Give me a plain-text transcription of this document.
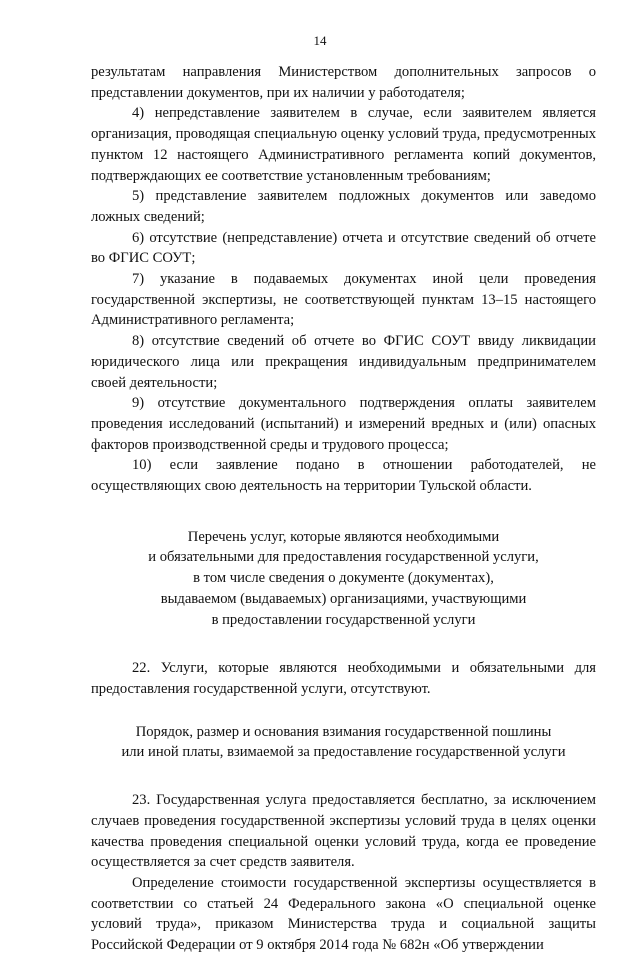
14

результатам направления Министерством дополнительных запросов о представлении документов, при их наличии у работодателя;

4) непредставление заявителем в случае, если заявителем является организация, проводящая специальную оценку условий труда, предусмотренных пунктом 12 настоящего Административного регламента копий документов, подтверждающих ее соответствие установленным требованиям;

5) представление заявителем подложных документов или заведомо ложных сведений;

6) отсутствие (непредставление) отчета и отсутствие сведений об отчете во ФГИС СОУТ;

7) указание в подаваемых документах иной цели проведения государственной экспертизы, не соответствующей пунктам 13–15 настоящего Административного регламента;

8) отсутствие сведений об отчете во ФГИС СОУТ ввиду ликвидации юридического лица или прекращения индивидуальным предпринимателем своей деятельности;

9) отсутствие документального подтверждения оплаты заявителем проведения исследований (испытаний) и измерений вредных и (или) опасных факторов производственной среды и трудового процесса;

10) если заявление подано в отношении работодателей, не осуществляющих свою деятельность на территории Тульской области.

Перечень услуг, которые являются необходимыми

и обязательными для предоставления государственной услуги,

в том числе сведения о документе (документах),

выдаваемом (выдаваемых) организациями, участвующими

в предоставлении государственной услуги

22. Услуги, которые являются необходимыми и обязательными для предоставления государственной услуги, отсутствуют.

Порядок, размер и основания взимания государственной пошлины

или иной платы, взимаемой за предоставление государственной услуги

23. Государственная услуга предоставляется бесплатно, за исключением случаев проведения государственной экспертизы условий труда в целях оценки качества проведения специальной оценки условий труда, когда ее проведение осуществляется за счет средств заявителя.

Определение стоимости государственной экспертизы осуществляется в соответствии со статьей 24 Федерального закона «О специальной оценке условий труда», приказом Министерства труда и социальной защиты Российской Федерации от 9 октября 2014 года № 682н «Об утверждении
